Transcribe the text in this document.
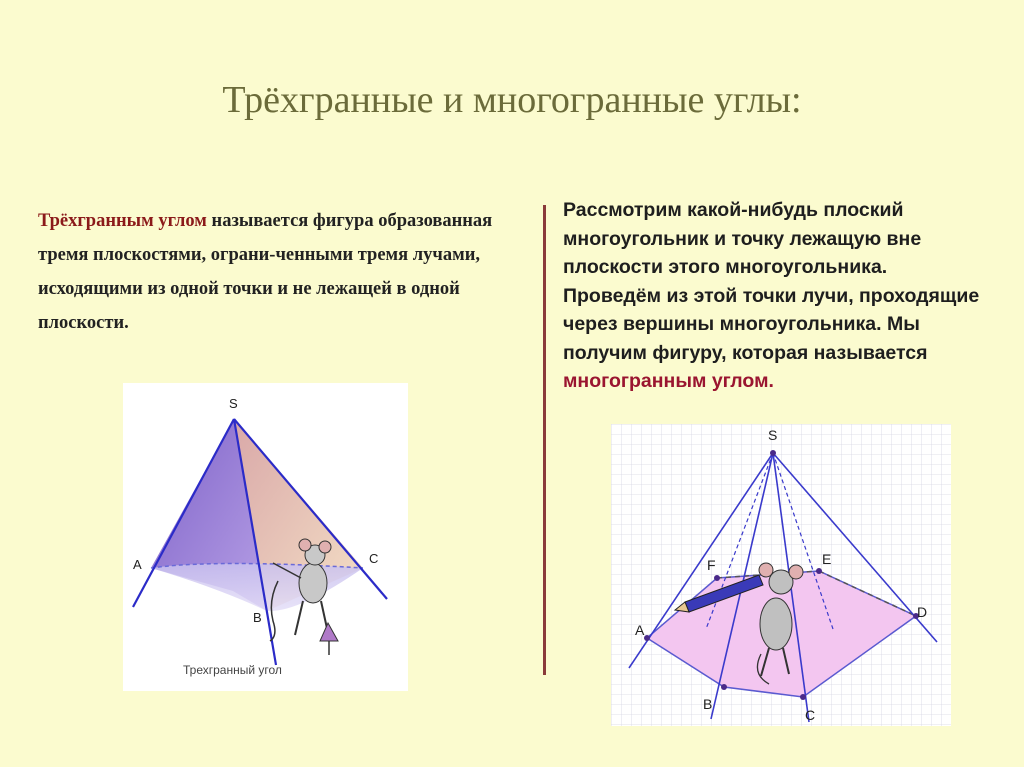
Трёхгранные и многогранные углы:
Трёхгранным углом называется фигура образованная тремя плоскостями, ограни-ченными тремя лучами, исходящими из одной точки и не лежащей в одной плоскости.
Рассмотрим какой-нибудь плоский многоугольник и точку лежащую вне плоскости этого многоугольника. Проведём из этой точки лучи, проходящие через вершины многоугольника. Мы получим фигуру, которая называется многогранным углом.
S
A
B
C
Трехгранный угол
S
A
B
C
D
E
F
